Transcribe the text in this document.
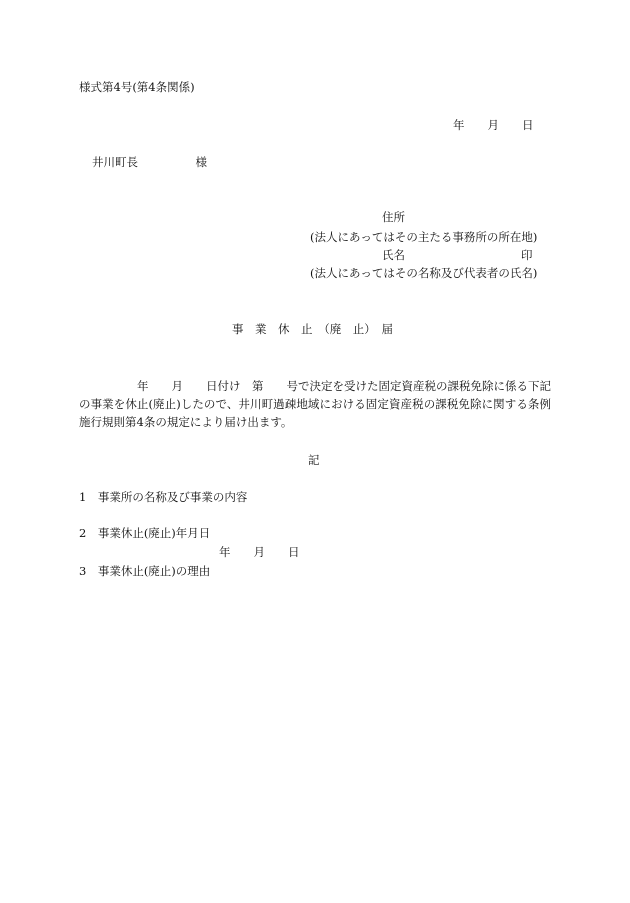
様式第4号(第4条関係)
年　　月　　日
井川町長　　　　　様
住所
(法人にあってはその主たる事務所の所在地)
氏名	印
(法人にあってはその名称及び代表者の氏名)
事　業　休　止　（廃　止）　届
年　　月　　日付け　第　　号で決定を受けた固定資産税の課税免除に係る下記の事業を休止(廃止)したので、井川町過疎地域における固定資産税の課税免除に関する条例施行規則第4条の規定により届け出ます。
記
1　事業所の名称及び事業の内容
2　事業休止(廃止)年月日
年　　月　　日
3　事業休止(廃止)の理由
